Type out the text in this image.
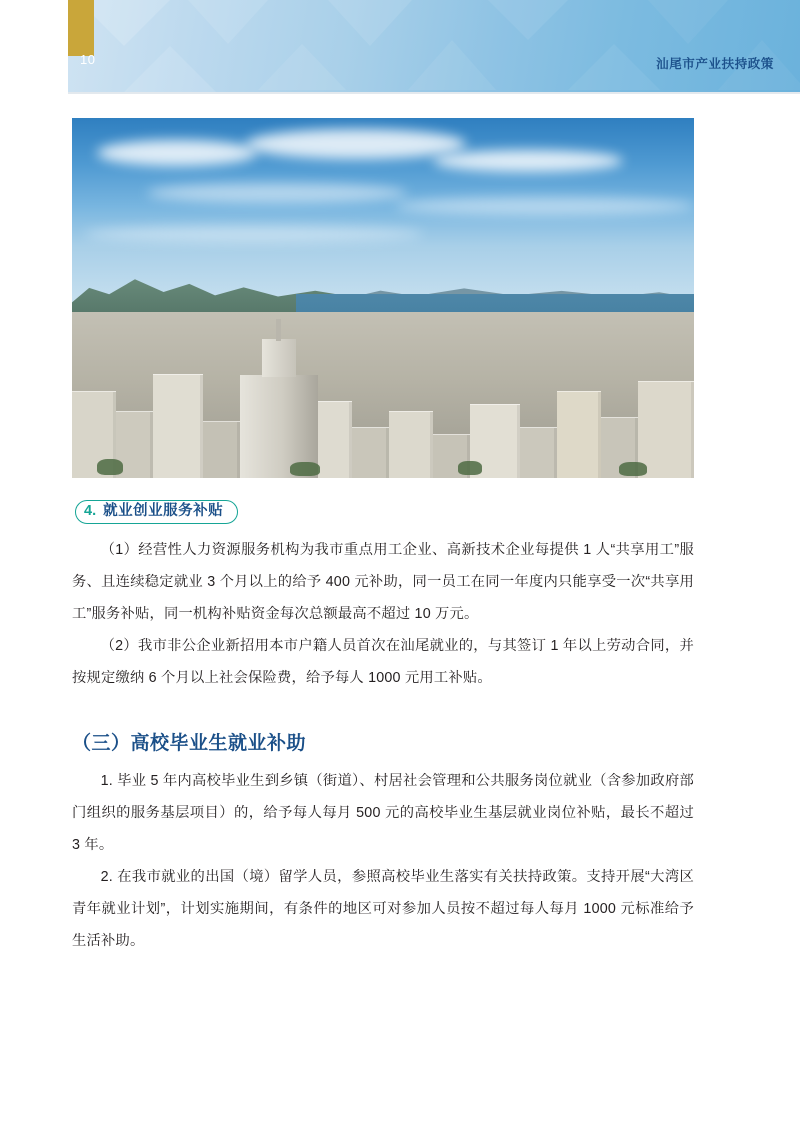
10	汕尾市产业扶持政策
4. 就业创业服务补贴

（1）经营性人力资源服务机构为我市重点用工企业、高新技术企业每提供 1 人“共享用工”服务、且连续稳定就业 3 个月以上的给予 400 元补助，同一员工在同一年度内只能享受一次“共享用工”服务补贴，同一机构补贴资金每次总额最高不超过 10 万元。

（2）我市非公企业新招用本市户籍人员首次在汕尾就业的，与其签订 1 年以上劳动合同，并按规定缴纳 6 个月以上社会保险费，给予每人 1000 元用工补贴。

（三）高校毕业生就业补助

1. 毕业 5 年内高校毕业生到乡镇（街道）、村居社会管理和公共服务岗位就业（含参加政府部门组织的服务基层项目）的，给予每人每月 500 元的高校毕业生基层就业岗位补贴，最长不超过 3 年。

2. 在我市就业的出国（境）留学人员，参照高校毕业生落实有关扶持政策。支持开展“大湾区青年就业计划”，计划实施期间，有条件的地区可对参加人员按不超过每人每月 1000 元标准给予生活补助。
